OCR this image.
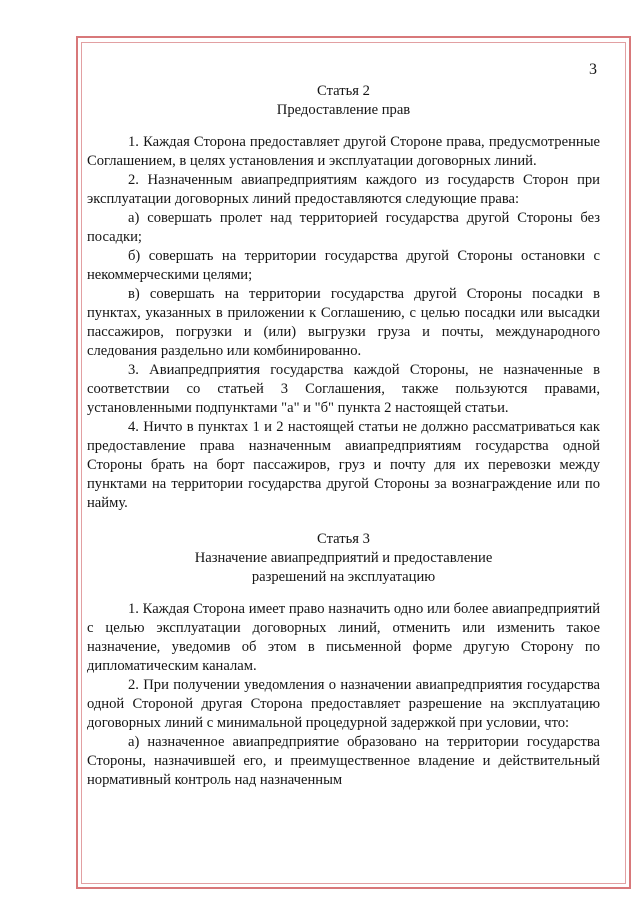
3
Статья 2
Предоставление прав

1. Каждая Сторона предоставляет другой Стороне права, предусмотренные Соглашением, в целях установления и эксплуатации договорных линий.

2. Назначенным авиапредприятиям каждого из государств Сторон при эксплуатации договорных линий предоставляются следующие права:

а) совершать пролет над территорией государства другой Стороны без посадки;

б) совершать на территории государства другой Стороны остановки с некоммерческими целями;

в) совершать на территории государства другой Стороны посадки в пунктах, указанных в приложении к Соглашению, с целью посадки или высадки пассажиров, погрузки и (или) выгрузки груза и почты, международного следования раздельно или комбинированно.

3. Авиапредприятия государства каждой Стороны, не назначенные в соответствии со статьей 3 Соглашения, также пользуются правами, установленными подпунктами "а" и "б" пункта 2 настоящей статьи.

4. Ничто в пунктах 1 и 2 настоящей статьи не должно рассматриваться как предоставление права назначенным авиапредприятиям государства одной Стороны брать на борт пассажиров, груз и почту для их перевозки между пунктами на территории государства другой Стороны за вознаграждение или по найму.

Статья 3
Назначение авиапредприятий и предоставление
разрешений на эксплуатацию

1. Каждая Сторона имеет право назначить одно или более авиапредприятий с целью эксплуатации договорных линий, отменить или изменить такое назначение, уведомив об этом в письменной форме другую Сторону по дипломатическим каналам.

2. При получении уведомления о назначении авиапредприятия государства одной Стороной другая Сторона предоставляет разрешение на эксплуатацию договорных линий с минимальной процедурной задержкой при условии, что:

а) назначенное авиапредприятие образовано на территории государства Стороны, назначившей его, и преимущественное владение и действительный нормативный контроль над назначенным
